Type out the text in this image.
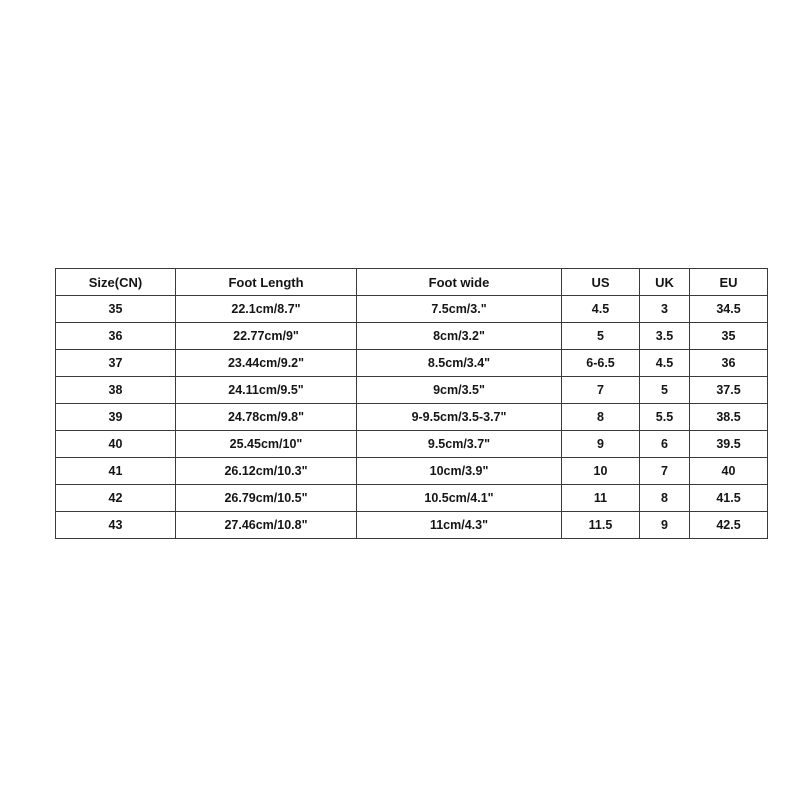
Size(CN)	Foot Length	Foot wide	US	UK	EU
35	22.1cm/8.7"	7.5cm/3."	4.5	3	34.5
36	22.77cm/9"	8cm/3.2"	5	3.5	35
37	23.44cm/9.2"	8.5cm/3.4"	6-6.5	4.5	36
38	24.11cm/9.5"	9cm/3.5"	7	5	37.5
39	24.78cm/9.8"	9-9.5cm/3.5-3.7"	8	5.5	38.5
40	25.45cm/10"	9.5cm/3.7"	9	6	39.5
41	26.12cm/10.3"	10cm/3.9"	10	7	40
42	26.79cm/10.5"	10.5cm/4.1"	11	8	41.5
43	27.46cm/10.8"	11cm/4.3"	11.5	9	42.5
